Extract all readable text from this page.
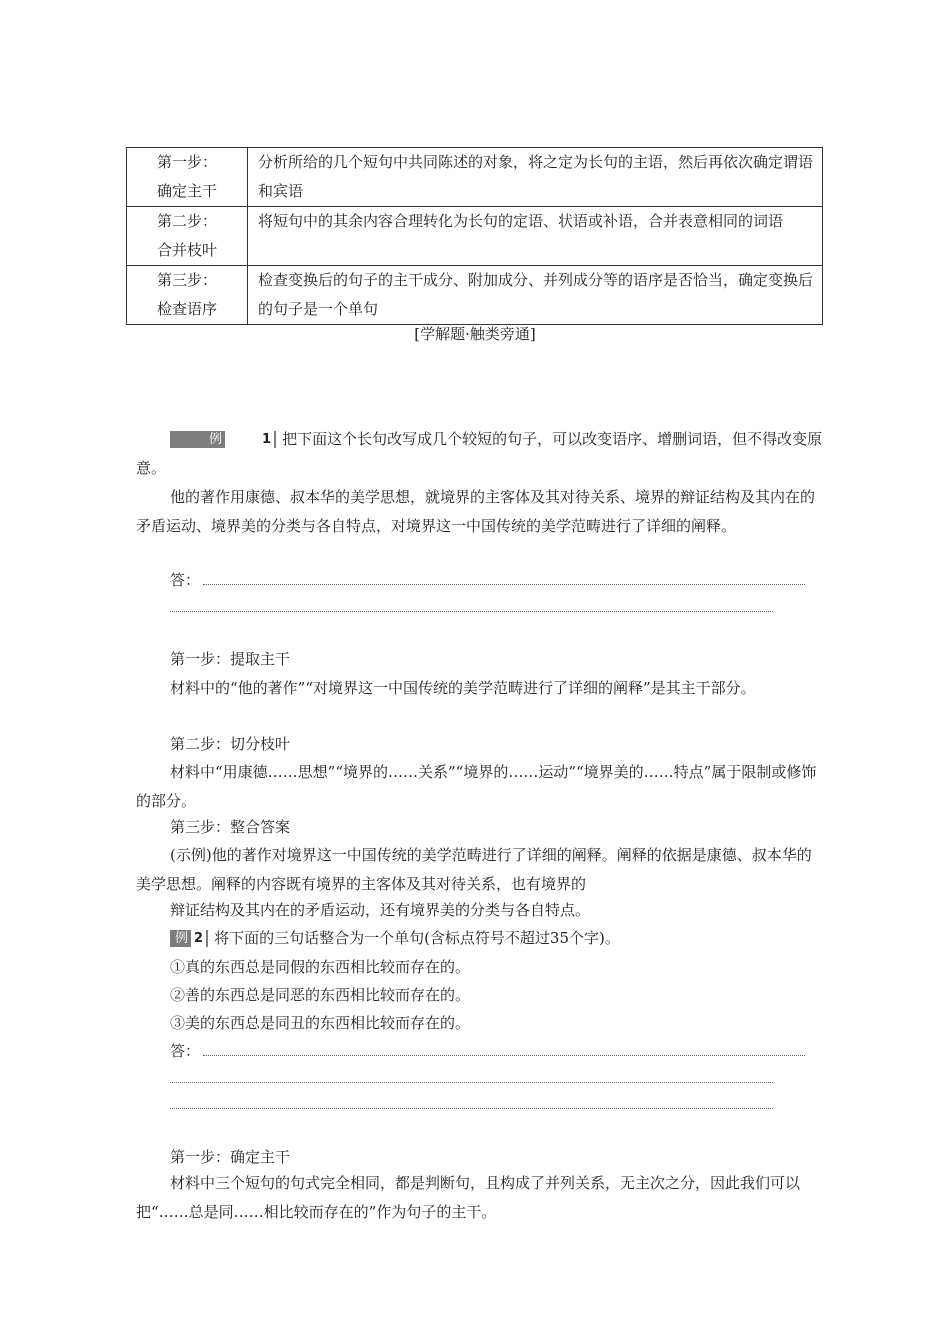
第一步：
确定主干	分析所给的几个短句中共同陈述的对象，将之定为长句的主语，然后再依次确定谓语和宾语

第二步：
合并枝叶	将短句中的其余内容合理转化为长句的定语、状语或补语，合并表意相同的词语

第三步：
检查语序	检查变换后的句子的主干成分、附加成分、并列成分等的语序是否恰当，确定变换后的句子是一个单句
[学解题·触类旁通]
例	1 把下面这个长句改写成几个较短的句子，可以改变语序、增删词语，但不得改变原意。
他的著作用康德、叔本华的美学思想，就境界的主客体及其对待关系、境界的辩证结构及其内在的矛盾运动、境界美的分类与各自特点，对境界这一中国传统的美学范畴进行了详细的阐释。
答：
第一步：提取主干
材料中的“他的著作”“对境界这一中国传统的美学范畴进行了详细的阐释”是其主干部分。
第二步：切分枝叶
材料中“用康德……思想”“境界的……关系”“境界的……运动”“境界美的……特点”属于限制或修饰的部分。
第三步：整合答案
(示例)他的著作对境界这一中国传统的美学范畴进行了详细的阐释。阐释的依据是康德、叔本华的美学思想。阐释的内容既有境界的主客体及其对待关系，也有境界的
辩证结构及其内在的矛盾运动，还有境界美的分类与各自特点。
例 2 将下面的三句话整合为一个单句(含标点符号不超过35个字)。
①真的东西总是同假的东西相比较而存在的。
②善的东西总是同恶的东西相比较而存在的。
③美的东西总是同丑的东西相比较而存在的。
答：
第一步：确定主干
材料中三个短句的句式完全相同，都是判断句，且构成了并列关系，无主次之分，因此我们可以把“……总是同……相比较而存在的”作为句子的主干。
